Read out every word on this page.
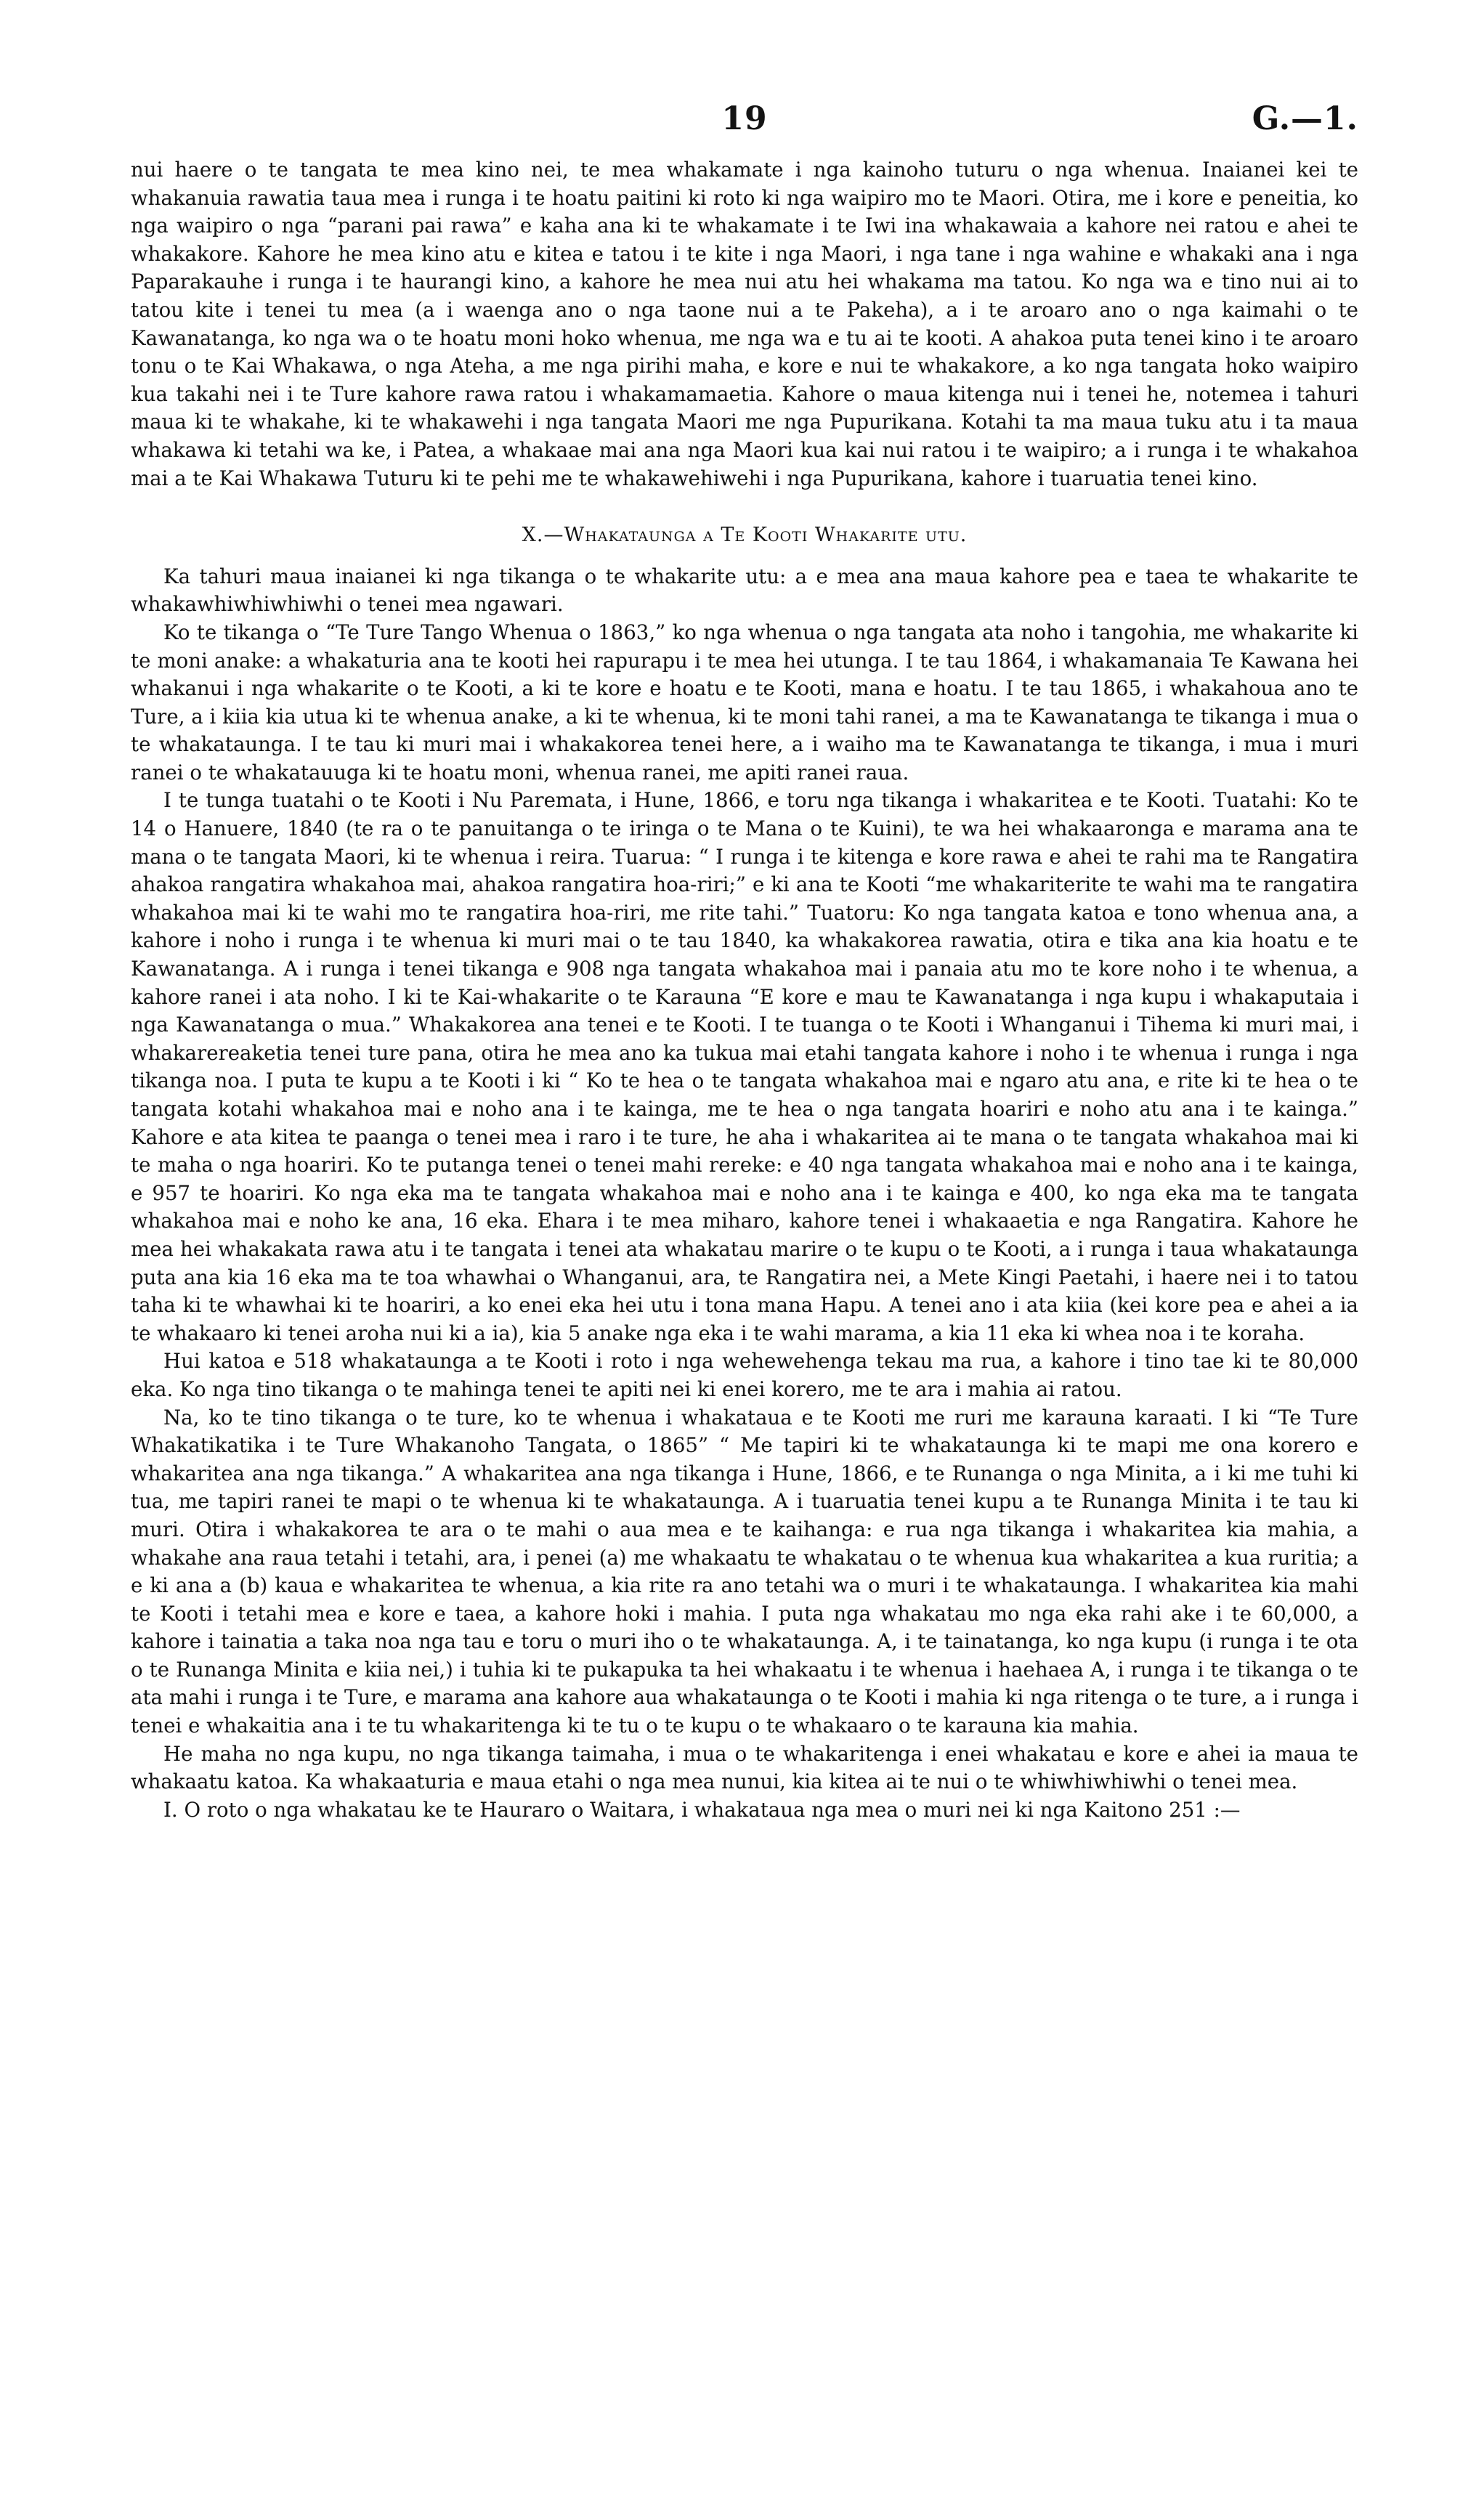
19	G.—1.

nui haere o te tangata te mea kino nei, te mea whakamate i nga kainoho tuturu o nga whenua. Inaianei kei te whakanuia rawatia taua mea i runga i te hoatu paitini ki roto ki nga waipiro mo te Maori. Otira, me i kore e peneitia, ko nga waipiro o nga “parani pai rawa” e kaha ana ki te whakamate i te Iwi ina whakawaia a kahore nei ratou e ahei te whakakore. Kahore he mea kino atu e kitea e tatou i te kite i nga Maori, i nga tane i nga wahine e whakaki ana i nga Paparakauhe i runga i te haurangi kino, a kahore he mea nui atu hei whakama ma tatou. Ko nga wa e tino nui ai to tatou kite i tenei tu mea (a i waenga ano o nga taone nui a te Pakeha), a i te aroaro ano o nga kaimahi o te Kawanatanga, ko nga wa o te hoatu moni hoko whenua, me nga wa e tu ai te kooti. A ahakoa puta tenei kino i te aroaro tonu o te Kai Whakawa, o nga Ateha, a me nga pirihi maha, e kore e nui te whakakore, a ko nga tangata hoko waipiro kua takahi nei i te Ture kahore rawa ratou i whakamamaetia. Kahore o maua kitenga nui i tenei he, notemea i tahuri maua ki te whakahe, ki te whakawehi i nga tangata Maori me nga Pupurikana. Kotahi ta ma maua tuku atu i ta maua whakawa ki tetahi wa ke, i Patea, a whakaae mai ana nga Maori kua kai nui ratou i te waipiro; a i runga i te whakahoa mai a te Kai Whakawa Tuturu ki te pehi me te whakawehiwehi i nga Pupurikana, kahore i tuaruatia tenei kino.

X.—Whakataunga a Te Kooti Whakarite utu.

Ka tahuri maua inaianei ki nga tikanga o te whakarite utu: a e mea ana maua kahore pea e taea te whakarite te whakawhiwhiwhiwhi o tenei mea ngawari.

Ko te tikanga o “Te Ture Tango Whenua o 1863,” ko nga whenua o nga tangata ata noho i tangohia, me whakarite ki te moni anake: a whakaturia ana te kooti hei rapurapu i te mea hei utunga. I te tau 1864, i whakamanaia Te Kawana hei whakanui i nga whakarite o te Kooti, a ki te kore e hoatu e te Kooti, mana e hoatu. I te tau 1865, i whakahoua ano te Ture, a i kiia kia utua ki te whenua anake, a ki te whenua, ki te moni tahi ranei, a ma te Kawanatanga te tikanga i mua o te whakataunga. I te tau ki muri mai i whakakorea tenei here, a i waiho ma te Kawanatanga te tikanga, i mua i muri ranei o te whakatauuga ki te hoatu moni, whenua ranei, me apiti ranei raua.

I te tunga tuatahi o te Kooti i Nu Paremata, i Hune, 1866, e toru nga tikanga i whakaritea e te Kooti. Tuatahi: Ko te 14 o Hanuere, 1840 (te ra o te panuitanga o te iringa o te Mana o te Kuini), te wa hei whakaaronga e marama ana te mana o te tangata Maori, ki te whenua i reira. Tuarua: “ I runga i te kitenga e kore rawa e ahei te rahi ma te Rangatira ahakoa rangatira whakahoa mai, ahakoa rangatira hoa-riri;” e ki ana te Kooti “me whakariterite te wahi ma te rangatira whakahoa mai ki te wahi mo te rangatira hoa-riri, me rite tahi.” Tuatoru: Ko nga tangata katoa e tono whenua ana, a kahore i noho i runga i te whenua ki muri mai o te tau 1840, ka whakakorea rawatia, otira e tika ana kia hoatu e te Kawanatanga. A i runga i tenei tikanga e 908 nga tangata whakahoa mai i panaia atu mo te kore noho i te whenua, a kahore ranei i ata noho. I ki te Kai-whakarite o te Karauna “E kore e mau te Kawanatanga i nga kupu i whakaputaia i nga Kawanatanga o mua.” Whakakorea ana tenei e te Kooti. I te tuanga o te Kooti i Whanganui i Tihema ki muri mai, i whakarereaketia tenei ture pana, otira he mea ano ka tukua mai etahi tangata kahore i noho i te whenua i runga i nga tikanga noa. I puta te kupu a te Kooti i ki “ Ko te hea o te tangata whakahoa mai e ngaro atu ana, e rite ki te hea o te tangata kotahi whakahoa mai e noho ana i te kainga, me te hea o nga tangata hoariri e noho atu ana i te kainga.” Kahore e ata kitea te paanga o tenei mea i raro i te ture, he aha i whakaritea ai te mana o te tangata whakahoa mai ki te maha o nga hoariri. Ko te putanga tenei o tenei mahi rereke: e 40 nga tangata whakahoa mai e noho ana i te kainga, e 957 te hoariri. Ko nga eka ma te tangata whakahoa mai e noho ana i te kainga e 400, ko nga eka ma te tangata whakahoa mai e noho ke ana, 16 eka. Ehara i te mea miharo, kahore tenei i whakaaetia e nga Rangatira. Kahore he mea hei whakakata rawa atu i te tangata i tenei ata whakatau marire o te kupu o te Kooti, a i runga i taua whakataunga puta ana kia 16 eka ma te toa whawhai o Whanganui, ara, te Rangatira nei, a Mete Kingi Paetahi, i haere nei i to tatou taha ki te whawhai ki te hoariri, a ko enei eka hei utu i tona mana Hapu. A tenei ano i ata kiia (kei kore pea e ahei a ia te whakaaro ki tenei aroha nui ki a ia), kia 5 anake nga eka i te wahi marama, a kia 11 eka ki whea noa i te koraha.

Hui katoa e 518 whakataunga a te Kooti i roto i nga wehewehenga tekau ma rua, a kahore i tino tae ki te 80,000 eka. Ko nga tino tikanga o te mahinga tenei te apiti nei ki enei korero, me te ara i mahia ai ratou.

Na, ko te tino tikanga o te ture, ko te whenua i whakataua e te Kooti me ruri me karauna karaati. I ki “Te Ture Whakatikatika i te Ture Whakanoho Tangata, o 1865” “ Me tapiri ki te whakataunga ki te mapi me ona korero e whakaritea ana nga tikanga.” A whakaritea ana nga tikanga i Hune, 1866, e te Runanga o nga Minita, a i ki me tuhi ki tua, me tapiri ranei te mapi o te whenua ki te whakataunga. A i tuaruatia tenei kupu a te Runanga Minita i te tau ki muri. Otira i whakakorea te ara o te mahi o aua mea e te kaihanga: e rua nga tikanga i whakaritea kia mahia, a whakahe ana raua tetahi i tetahi, ara, i penei (a) me whakaatu te whakatau o te whenua kua whakaritea a kua ruritia; a e ki ana a (b) kaua e whakaritea te whenua, a kia rite ra ano tetahi wa o muri i te whakataunga. I whakaritea kia mahi te Kooti i tetahi mea e kore e taea, a kahore hoki i mahia. I puta nga whakatau mo nga eka rahi ake i te 60,000, a kahore i tainatia a taka noa nga tau e toru o muri iho o te whakataunga. A, i te tainatanga, ko nga kupu (i runga i te ota o te Runanga Minita e kiia nei,) i tuhia ki te pukapuka ta hei whakaatu i te whenua i haehaea A, i runga i te tikanga o te ata mahi i runga i te Ture, e marama ana kahore aua whakataunga o te Kooti i mahia ki nga ritenga o te ture, a i runga i tenei e whakaitia ana i te tu whakaritenga ki te tu o te kupu o te whakaaro o te karauna kia mahia.

He maha no nga kupu, no nga tikanga taimaha, i mua o te whakaritenga i enei whakatau e kore e ahei ia maua te whakaatu katoa. Ka whakaaturia e maua etahi o nga mea nunui, kia kitea ai te nui o te whiwhiwhiwhi o tenei mea.

I. O roto o nga whakatau ke te Hauraro o Waitara, i whakataua nga mea o muri nei ki nga Kaitono 251 :—
